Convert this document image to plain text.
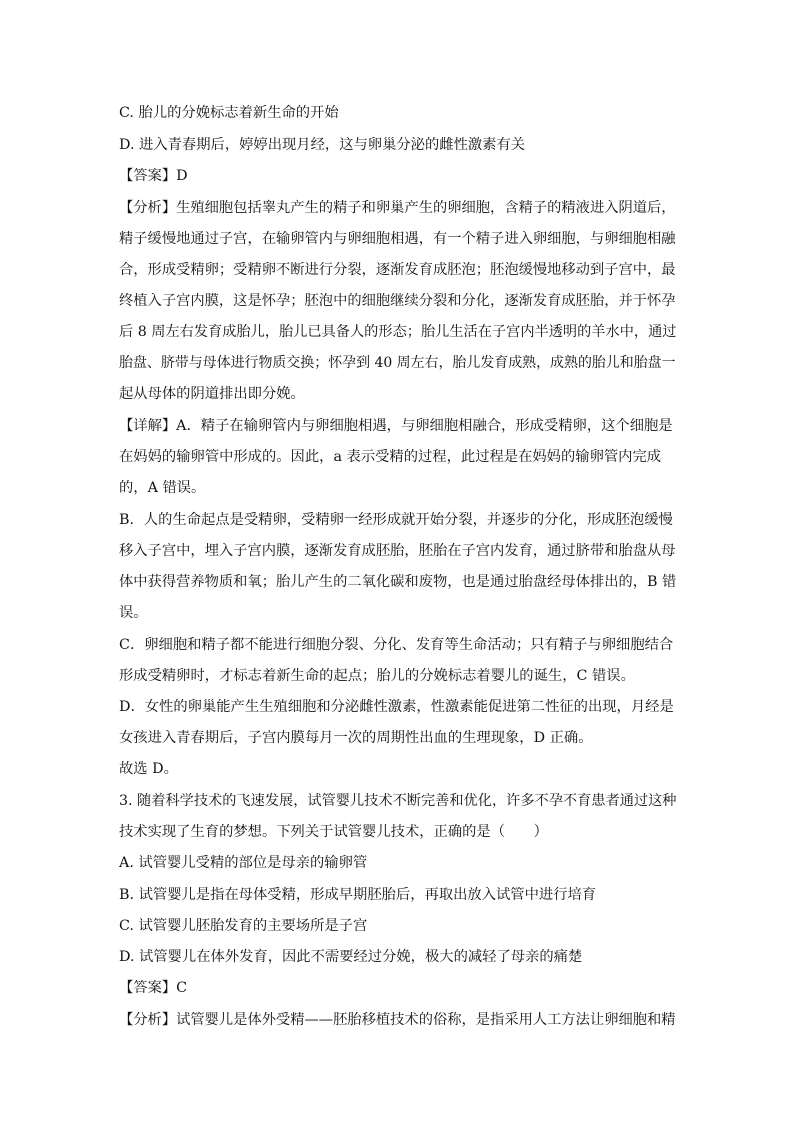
C. 胎儿的分娩标志着新生命的开始
D. 进入青春期后，婷婷出现月经，这与卵巢分泌的雌性激素有关
【答案】D
【分析】生殖细胞包括睾丸产生的精子和卵巢产生的卵细胞，含精子的精液进入阴道后，
精子缓慢地通过子宫，在输卵管内与卵细胞相遇，有一个精子进入卵细胞，与卵细胞相融
合，形成受精卵；受精卵不断进行分裂，逐渐发育成胚泡；胚泡缓慢地移动到子宫中，最
终植入子宫内膜，这是怀孕；胚泡中的细胞继续分裂和分化，逐渐发育成胚胎，并于怀孕
后 8 周左右发育成胎儿，胎儿已具备人的形态；胎儿生活在子宫内半透明的羊水中，通过
胎盘、脐带与母体进行物质交换；怀孕到 40 周左右，胎儿发育成熟，成熟的胎儿和胎盘一
起从母体的阴道排出即分娩。
【详解】A．精子在输卵管内与卵细胞相遇，与卵细胞相融合，形成受精卵，这个细胞是
在妈妈的输卵管中形成的。因此，a 表示受精的过程，此过程是在妈妈的输卵管内完成
的，A 错误。
B．人的生命起点是受精卵，受精卵一经形成就开始分裂，并逐步的分化，形成胚泡缓慢
移入子宫中，埋入子宫内膜，逐渐发育成胚胎，胚胎在子宫内发育，通过脐带和胎盘从母
体中获得营养物质和氧；胎儿产生的二氧化碳和废物，也是通过胎盘经母体排出的，B 错
误。
C．卵细胞和精子都不能进行细胞分裂、分化、发育等生命活动；只有精子与卵细胞结合
形成受精卵时，才标志着新生命的起点；胎儿的分娩标志着婴儿的诞生，C 错误。
D．女性的卵巢能产生生殖细胞和分泌雌性激素，性激素能促进第二性征的出现，月经是
女孩进入青春期后，子宫内膜每月一次的周期性出血的生理现象，D 正确。
故选 D。
3. 随着科学技术的飞速发展，试管婴儿技术不断完善和优化，许多不孕不育患者通过这种
技术实现了生育的梦想。下列关于试管婴儿技术，正确的是（　　）
A. 试管婴儿受精的部位是母亲的输卵管
B. 试管婴儿是指在母体受精，形成早期胚胎后，再取出放入试管中进行培育
C. 试管婴儿胚胎发育的主要场所是子宫
D. 试管婴儿在体外发育，因此不需要经过分娩，极大的减轻了母亲的痛楚
【答案】C
【分析】试管婴儿是体外受精——胚胎移植技术的俗称，是指采用人工方法让卵细胞和精
